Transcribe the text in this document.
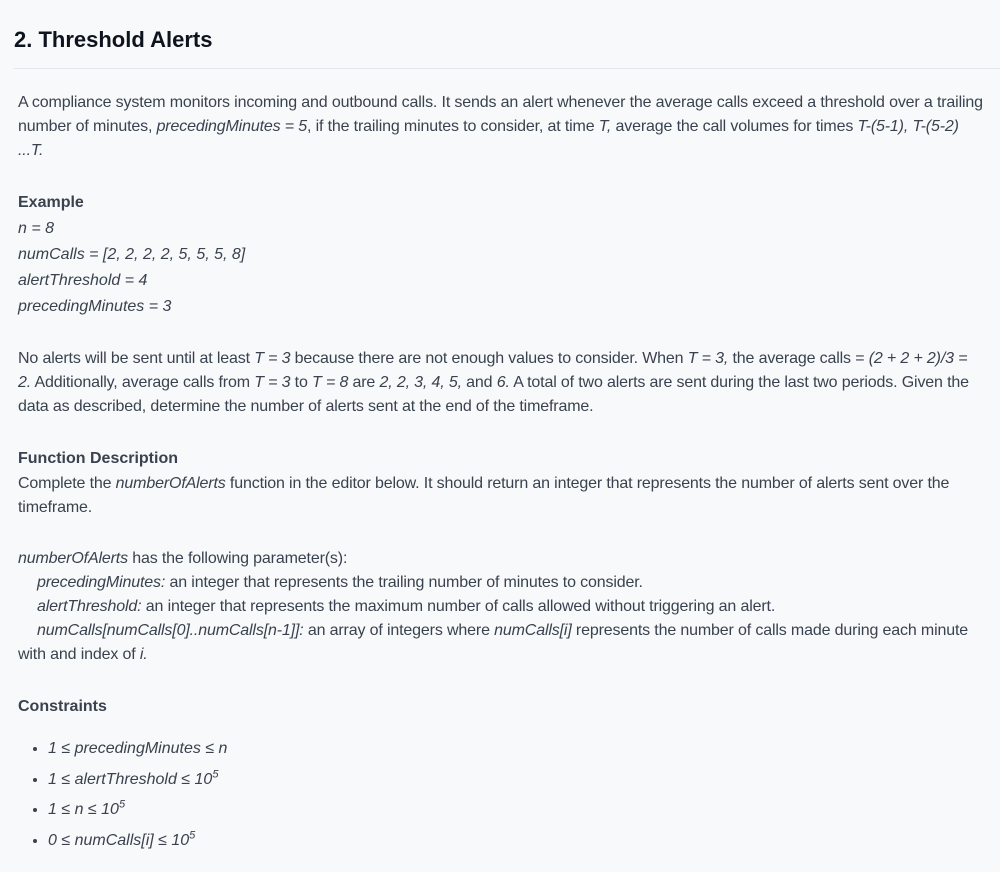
2. Threshold Alerts

A compliance system monitors incoming and outbound calls. It sends an alert whenever the average calls exceed a threshold over a trailing number of minutes, precedingMinutes = 5, if the trailing minutes to consider, at time T, average the call volumes for times T-(5-1), T-(5-2) ...T.

Example
n = 8
numCalls = [2, 2, 2, 2, 5, 5, 5, 8]
alertThreshold = 4
precedingMinutes = 3

No alerts will be sent until at least T = 3 because there are not enough values to consider. When T = 3, the average calls = (2 + 2 + 2)/3 = 2. Additionally, average calls from T = 3 to T = 8 are 2, 2, 3, 4, 5, and 6. A total of two alerts are sent during the last two periods. Given the data as described, determine the number of alerts sent at the end of the timeframe.

Function Description

Complete the numberOfAlerts function in the editor below. It should return an integer that represents the number of alerts sent over the timeframe.

numberOfAlerts has the following parameter(s):

precedingMinutes: an integer that represents the trailing number of minutes to consider.

alertThreshold: an integer that represents the maximum number of calls allowed without triggering an alert.

numCalls[numCalls[0]..numCalls[n-1]]: an array of integers where numCalls[i] represents the number of calls made during each minute with and index of i.

Constraints
• 1 ≤ precedingMinutes ≤ n
• 1 ≤ alertThreshold ≤ $10^5$
• $1 \le n \le 10^5$
• 0 ≤ numCalls[i] ≤ $10^5$
